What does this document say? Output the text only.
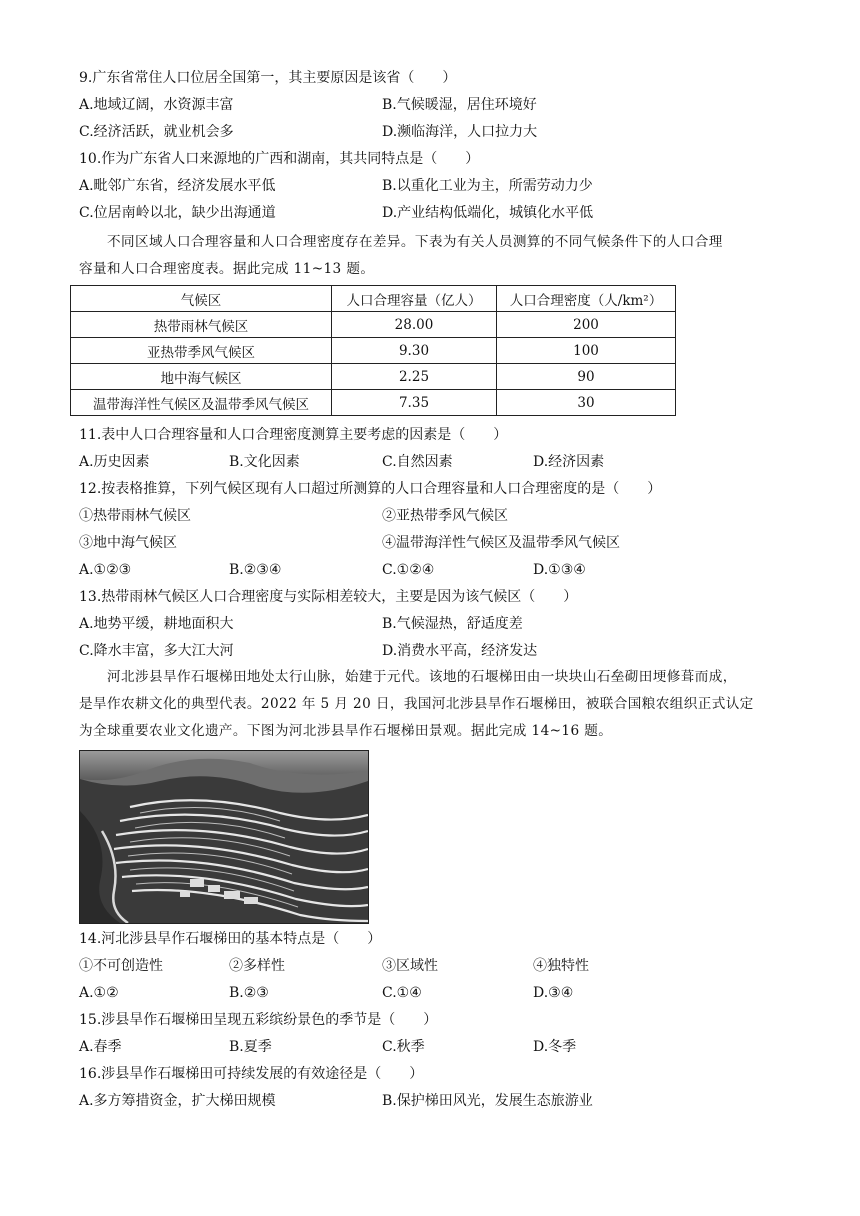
9.广东省常住人口位居全国第一，其主要原因是该省（　　）
A.地域辽阔，水资源丰富	B.气候暖湿，居住环境好
C.经济活跃，就业机会多	D.濒临海洋，人口拉力大
10.作为广东省人口来源地的广西和湖南，其共同特点是（　　）
A.毗邻广东省，经济发展水平低	B.以重化工业为主，所需劳动力少
C.位居南岭以北，缺少出海通道	D.产业结构低端化，城镇化水平低
不同区域人口合理容量和人口合理密度存在差异。下表为有关人员测算的不同气候条件下的人口合理
容量和人口合理密度表。据此完成 11~13 题。
气候区	人口合理容量（亿人）	人口合理密度（人/km²）
热带雨林气候区	28.00	200
亚热带季风气候区	9.30	100
地中海气候区	2.25	90
温带海洋性气候区及温带季风气候区	7.35	30
11.表中人口合理容量和人口合理密度测算主要考虑的因素是（　　）
A.历史因素	B.文化因素	C.自然因素	D.经济因素
12.按表格推算，下列气候区现有人口超过所测算的人口合理容量和人口合理密度的是（　　）
①热带雨林气候区	②亚热带季风气候区
③地中海气候区	④温带海洋性气候区及温带季风气候区
A.①②③	B.②③④	C.①②④	D.①③④
13.热带雨林气候区人口合理密度与实际相差较大，主要是因为该气候区（　　）
A.地势平缓，耕地面积大	B.气候湿热，舒适度差
C.降水丰富，多大江大河	D.消费水平高，经济发达
河北涉县旱作石堰梯田地处太行山脉，始建于元代。该地的石堰梯田由一块块山石垒砌田埂修葺而成，
是旱作农耕文化的典型代表。2022 年 5 月 20 日，我国河北涉县旱作石堰梯田，被联合国粮农组织正式认定
为全球重要农业文化遗产。下图为河北涉县旱作石堰梯田景观。据此完成 14~16 题。
14.河北涉县旱作石堰梯田的基本特点是（　　）
①不可创造性	②多样性	③区域性	④独特性
A.①②	B.②③	C.①④	D.③④
15.涉县旱作石堰梯田呈现五彩缤纷景色的季节是（　　）
A.春季	B.夏季	C.秋季	D.冬季
16.涉县旱作石堰梯田可持续发展的有效途径是（　　）
A.多方筹措资金，扩大梯田规模	B.保护梯田风光，发展生态旅游业
